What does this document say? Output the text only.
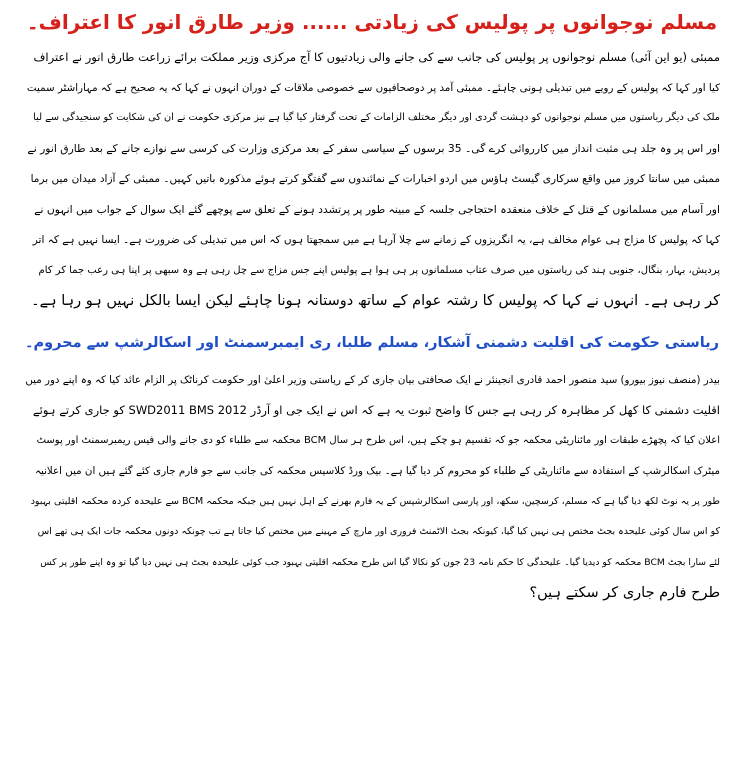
مسلم نوجوانوں پر پولیس کی زیادتی ...... وزیر طارق انور کا اعتراف۔
ممبئی (یو این آئی) مسلم نوجوانوں پر پولیس کی جانب سے کی جانے والی زیادتیوں کا آج مرکزی وزیر مملکت برائے زراعت طارق انور نے اعتراف
کیا اور کہا کہ پولیس کے رویے میں تبدیلی ہونی چاہئے۔ ممبئی آمد پر دوصحافیوں سے خصوصی ملاقات کے دوران انہوں نے کہا کہ یہ صحیح ہے کہ مہاراشٹر سمیت
ملک کی دیگر ریاستوں میں مسلم نوجوانوں کو دہشت گردی اور دیگر مختلف الزامات کے تحت گرفتار کیا گیا ہے نیز مرکزی حکومت نے ان کی شکایت کو سنجیدگی سے لیا
اور اس پر وہ جلد ہی مثبت انداز میں کارروائی کرے گی۔ 35 برسوں کے سیاسی سفر کے بعد مرکزی وزارت کی کرسی سے نوازے جانے کے بعد طارق انور نے
ممبئی میں سانتا کروز میں واقع سرکاری گیسٹ ہاؤس میں اردو اخبارات کے نمائندوں سے گفتگو کرتے ہوئے مذکورہ باتیں کہیں۔ ممبئی کے آزاد میدان میں برما
اور آسام میں مسلمانوں کے قتل کے خلاف منعقدہ احتجاجی جلسہ کے مبینہ طور پر پرتشدد ہونے کے تعلق سے پوچھے گئے ایک سوال کے جواب میں انہوں نے
کہا کہ پولیس کا مزاج ہی عوام مخالف ہے، یہ انگریزوں کے زمانے سے چلا آرہا ہے میں سمجھتا ہوں کہ اس میں تبدیلی کی ضرورت ہے۔ ایسا نہیں ہے کہ اتر
پردیش، بہار، بنگال، جنوبی ہند کی ریاستوں میں صرف عتاب مسلمانوں پر ہی ہوا ہے پولیس اپنے جس مزاج سے چل رہی ہے وہ سبھی پر اپنا ہی رعب جما کر کام
کر رہی ہے۔ انہوں نے کہا کہ پولیس کا رشتہ عوام کے ساتھ دوستانہ ہونا چاہئے لیکن ایسا بالکل نہیں ہو رہا ہے۔
ریاستی حکومت کی اقلیت دشمنی آشکار، مسلم طلبا، ری ایمبرسمنٹ اور اسکالرشپ سے محروم۔
بیدر (منصف نیوز بیورو) سید منصور احمد قادری انجینئر نے ایک صحافتی بیان جاری کر کے ریاستی وزیر اعلیٰ اور حکومت کرناٹک پر الزام عائد کیا کہ وہ اپنے دور میں
اقلیت دشمنی کا کھل کر مظاہرہ کر رہی ہے جس کا واضح ثبوت یہ ہے کہ اس نے ایک جی او آرڈر SWD2011 BMS 2012 کو جاری کرتے ہوئے
اعلان کیا کہ پچھڑے طبقات اور مائناریٹی محکمہ جو کہ تقسیم ہو چکے ہیں، اس طرح ہر سال BCM محکمہ سے طلباء کو دی جانے والی فیس ریمبرسمنٹ اور پوسٹ
میٹرک اسکالرشپ کے استفادہ سے مائناریٹی کے طلباء کو محروم کر دیا گیا ہے۔ بیک ورڈ کلاسیس محکمہ کی جانب سے جو فارم جاری کئے گئے ہیں ان میں اعلانیہ
طور پر یہ نوٹ لکھ دیا گیا ہے کہ مسلم، کرسچین، سکھ، اور پارسی اسکالرشپس کے یہ فارم بھرنے کے اہل نہیں ہیں جبکہ محکمہ BCM سے علیحدہ کردہ محکمہ اقلیتی بہبود
کو اس سال کوئی علیحدہ بجٹ مختص ہی نہیں کیا گیا، کیونکہ بجٹ الاٹمنٹ فروری اور مارچ کے مہینے میں مختص کیا جاتا ہے تب چونکہ دونوں محکمہ جات ایک ہی تھے اس
لئے سارا بجٹ BCM محکمہ کو دیدیا گیا۔ علیحدگی کا حکم نامہ 23 جون کو نکالا گیا اس طرح محکمہ اقلیتی بہبود جب کوئی علیحدہ بجٹ ہی نہیں دیا گیا تو وہ اپنے طور پر کس
طرح فارم جاری کر سکتے ہیں؟
